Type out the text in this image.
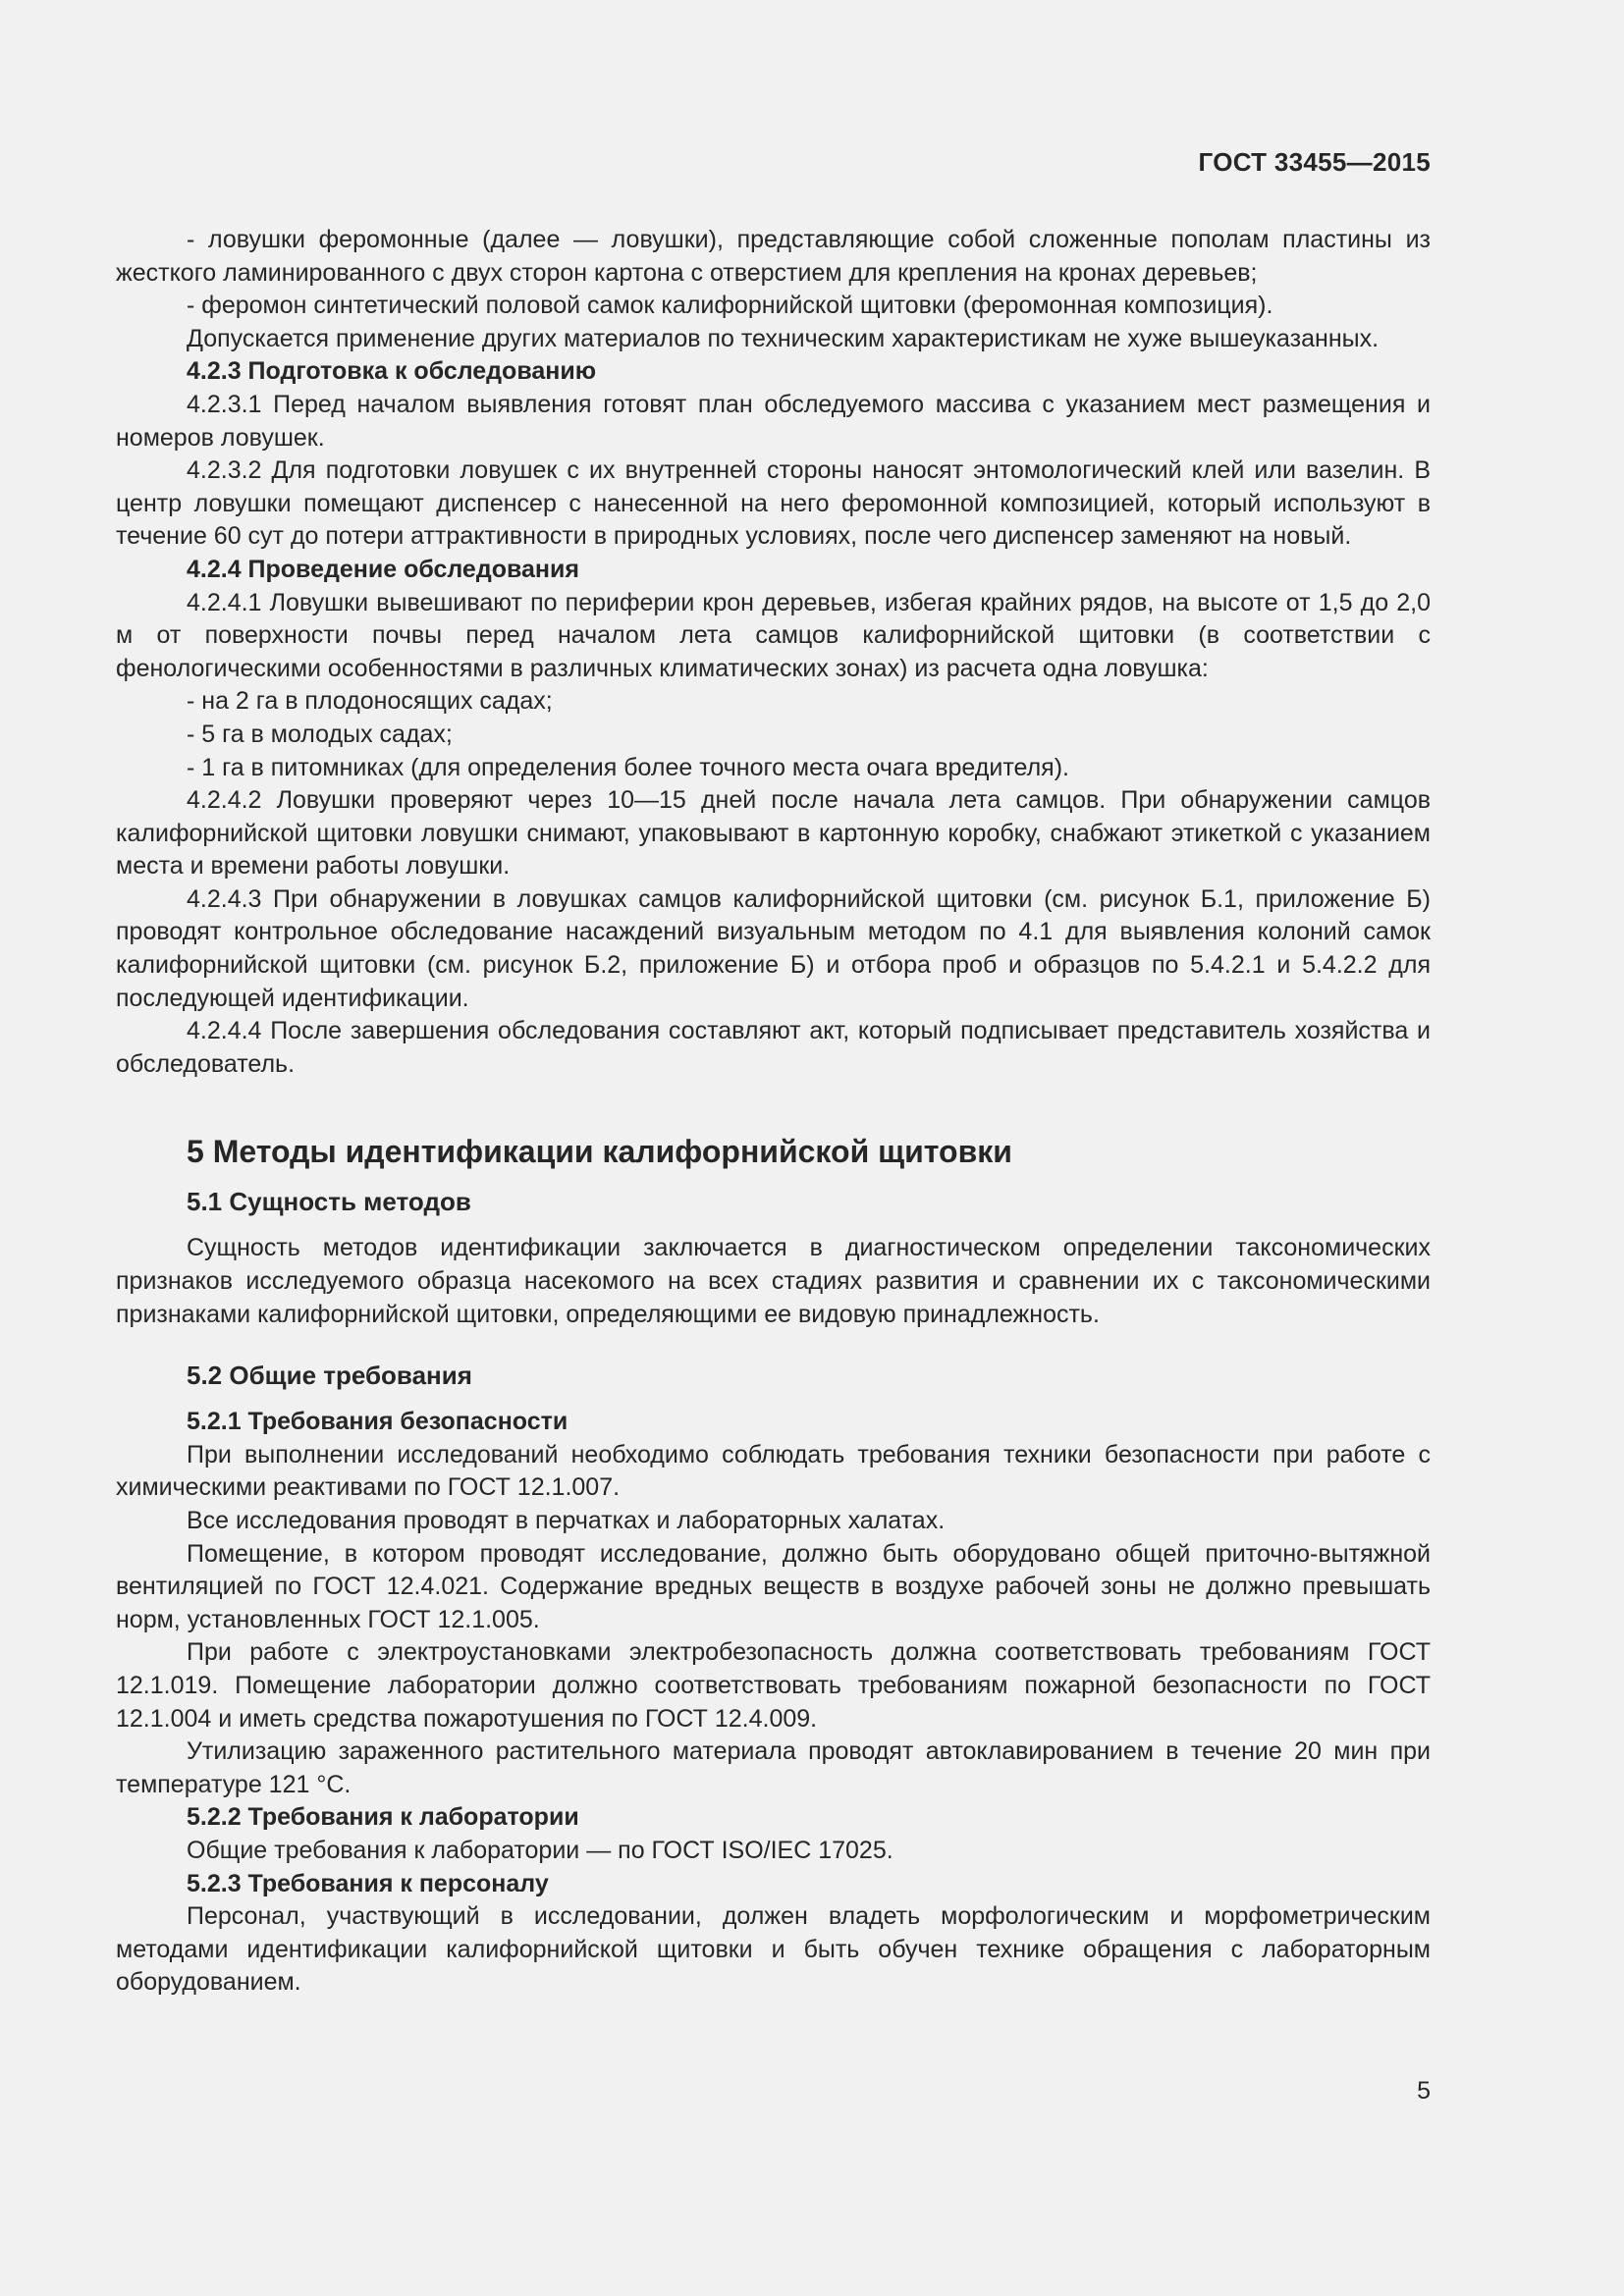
ГОСТ 33455—2015

- ловушки феромонные (далее — ловушки), представляющие собой сложенные пополам пластины из жесткого ламинированного с двух сторон картона с отверстием для крепления на кронах деревьев;

- феромон синтетический половой самок калифорнийской щитовки (феромонная композиция).

Допускается применение других материалов по техническим характеристикам не хуже вышеуказанных.

4.2.3 Подготовка к обследованию

4.2.3.1 Перед началом выявления готовят план обследуемого массива с указанием мест размещения и номеров ловушек.

4.2.3.2 Для подготовки ловушек с их внутренней стороны наносят энтомологический клей или вазелин. В центр ловушки помещают диспенсер с нанесенной на него феромонной композицией, который используют в течение 60 сут до потери аттрактивности в природных условиях, после чего диспенсер заменяют на новый.

4.2.4 Проведение обследования

4.2.4.1 Ловушки вывешивают по периферии крон деревьев, избегая крайних рядов, на высоте от 1,5 до 2,0 м от поверхности почвы перед началом лета самцов калифорнийской щитовки (в соответствии с фенологическими особенностями в различных климатических зонах) из расчета одна ловушка:

- на 2 га в плодоносящих садах;

- 5 га в молодых садах;

- 1 га в питомниках (для определения более точного места очага вредителя).

4.2.4.2 Ловушки проверяют через 10—15 дней после начала лета самцов. При обнаружении самцов калифорнийской щитовки ловушки снимают, упаковывают в картонную коробку, снабжают этикеткой с указанием места и времени работы ловушки.

4.2.4.3 При обнаружении в ловушках самцов калифорнийской щитовки (см. рисунок Б.1, приложение Б) проводят контрольное обследование насаждений визуальным методом по 4.1 для выявления колоний самок калифорнийской щитовки (см. рисунок Б.2, приложение Б) и отбора проб и образцов по 5.4.2.1 и 5.4.2.2 для последующей идентификации.

4.2.4.4 После завершения обследования составляют акт, который подписывает представитель хозяйства и обследователь.

5 Методы идентификации калифорнийской щитовки
5.1 Сущность методов

Сущность методов идентификации заключается в диагностическом определении таксономических признаков исследуемого образца насекомого на всех стадиях развития и сравнении их с таксономическими признаками калифорнийской щитовки, определяющими ее видовую принадлежность.

5.2 Общие требования

5.2.1 Требования безопасности

При выполнении исследований необходимо соблюдать требования техники безопасности при работе с химическими реактивами по ГОСТ 12.1.007.

Все исследования проводят в перчатках и лабораторных халатах.

Помещение, в котором проводят исследование, должно быть оборудовано общей приточно-вытяжной вентиляцией по ГОСТ 12.4.021. Содержание вредных веществ в воздухе рабочей зоны не должно превышать норм, установленных ГОСТ 12.1.005.

При работе с электроустановками электробезопасность должна соответствовать требованиям ГОСТ 12.1.019. Помещение лаборатории должно соответствовать требованиям пожарной безопасности по ГОСТ 12.1.004 и иметь средства пожаротушения по ГОСТ 12.4.009.

Утилизацию зараженного растительного материала проводят автоклавированием в течение 20 мин при температуре 121 °С.

5.2.2 Требования к лаборатории

Общие требования к лаборатории — по ГОСТ ISO/IEC 17025.

5.2.3 Требования к персоналу

Персонал, участвующий в исследовании, должен владеть морфологическим и морфометрическим методами идентификации калифорнийской щитовки и быть обучен технике обращения с лабораторным оборудованием.

5
